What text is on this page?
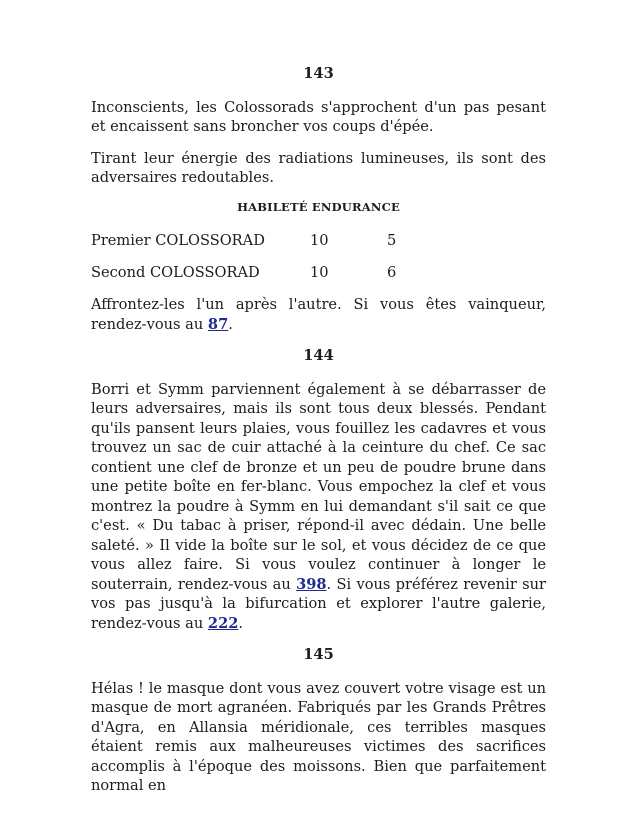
143

Inconscients, les Colossorads s'approchent d'un pas pesant et encaissent sans broncher vos coups d'épée.

Tirant leur énergie des radiations lumineuses, ils sont des adversaires redoutables.

HABILETÉ ENDURANCE
Premier COLOSSORAD	10	5
Second COLOSSORAD	10	6

Affrontez-les l'un après l'autre. Si vous êtes vainqueur, rendez-vous au 87.

144

Borri et Symm parviennent également à se débarrasser de leurs adversaires, mais ils sont tous deux blessés. Pendant qu'ils pansent leurs plaies, vous fouillez les cadavres et vous trouvez un sac de cuir attaché à la ceinture du chef. Ce sac contient une clef de bronze et un peu de poudre brune dans une petite boîte en fer-blanc. Vous empochez la clef et vous montrez la poudre à Symm en lui demandant s'il sait ce que c'est. « Du tabac à priser, répond-il avec dédain. Une belle saleté. » Il vide la boîte sur le sol, et vous décidez de ce que vous allez faire. Si vous voulez continuer à longer le souterrain, rendez-vous au 398. Si vous préférez revenir sur vos pas jusqu'à la bifurcation et explorer l'autre galerie, rendez-vous au 222.

145

Hélas ! le masque dont vous avez couvert votre visage est un masque de mort agranéen. Fabriqués par les Grands Prêtres d'Agra, en Allansia méridionale, ces terribles masques étaient remis aux malheureuses victimes des sacrifices accomplis à l'époque des moissons. Bien que parfaitement normal en
